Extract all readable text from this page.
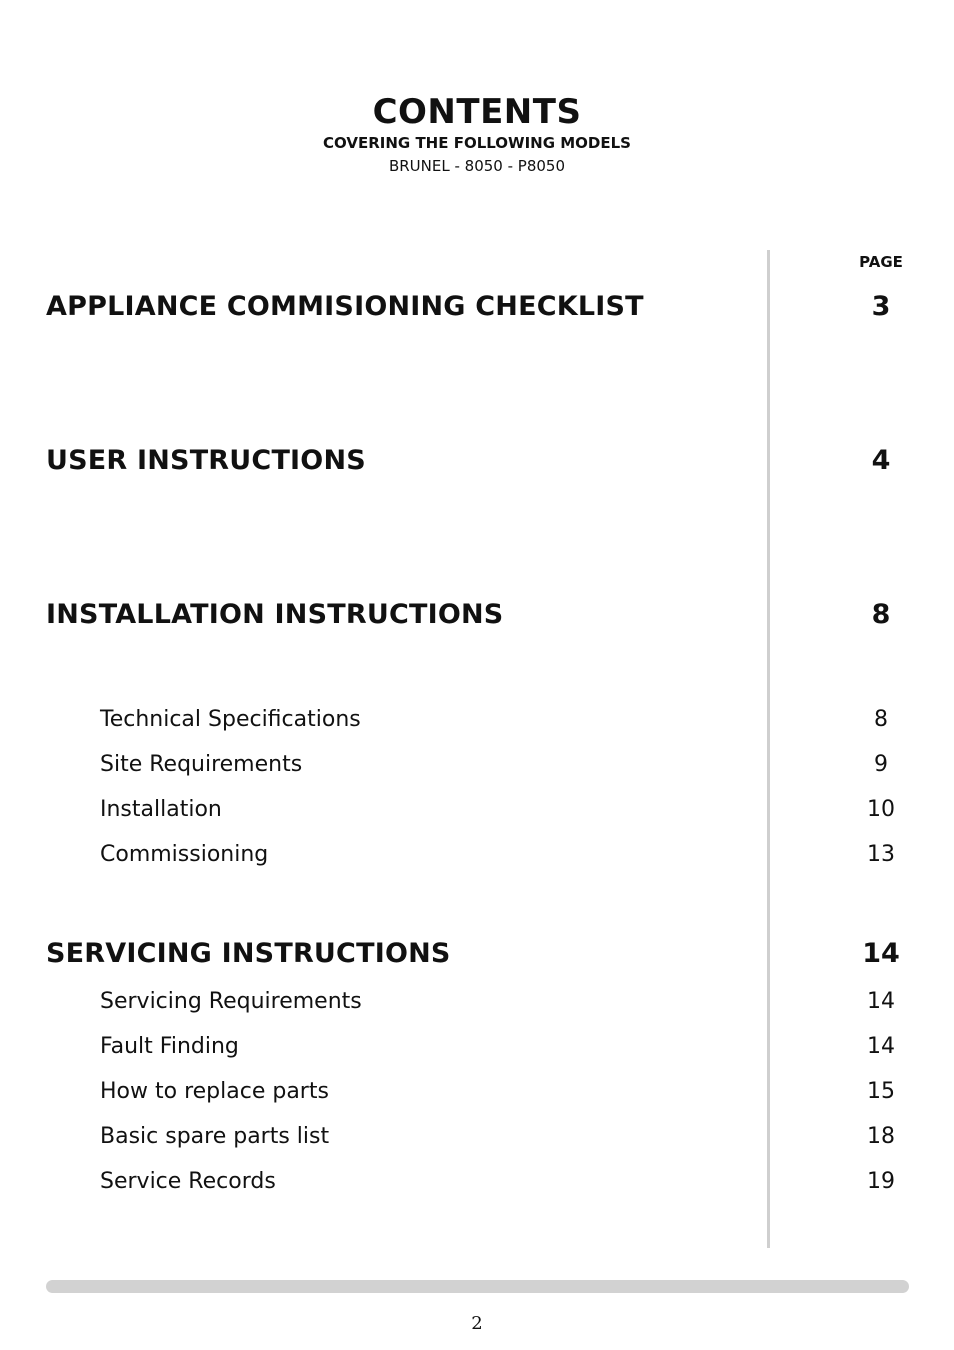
CONTENTS
COVERING THE FOLLOWING MODELS
BRUNEL - 8050 - P8050
PAGE
APPLIANCE COMMISIONING CHECKLIST	3
USER INSTRUCTIONS	4
INSTALLATION INSTRUCTIONS	8
Technical Specifications	8
Site Requirements	9
Installation	10
Commissioning	13
SERVICING INSTRUCTIONS	14
Servicing Requirements	14
Fault Finding	14
How to replace parts	15
Basic spare parts list	18
Service Records	19
2
